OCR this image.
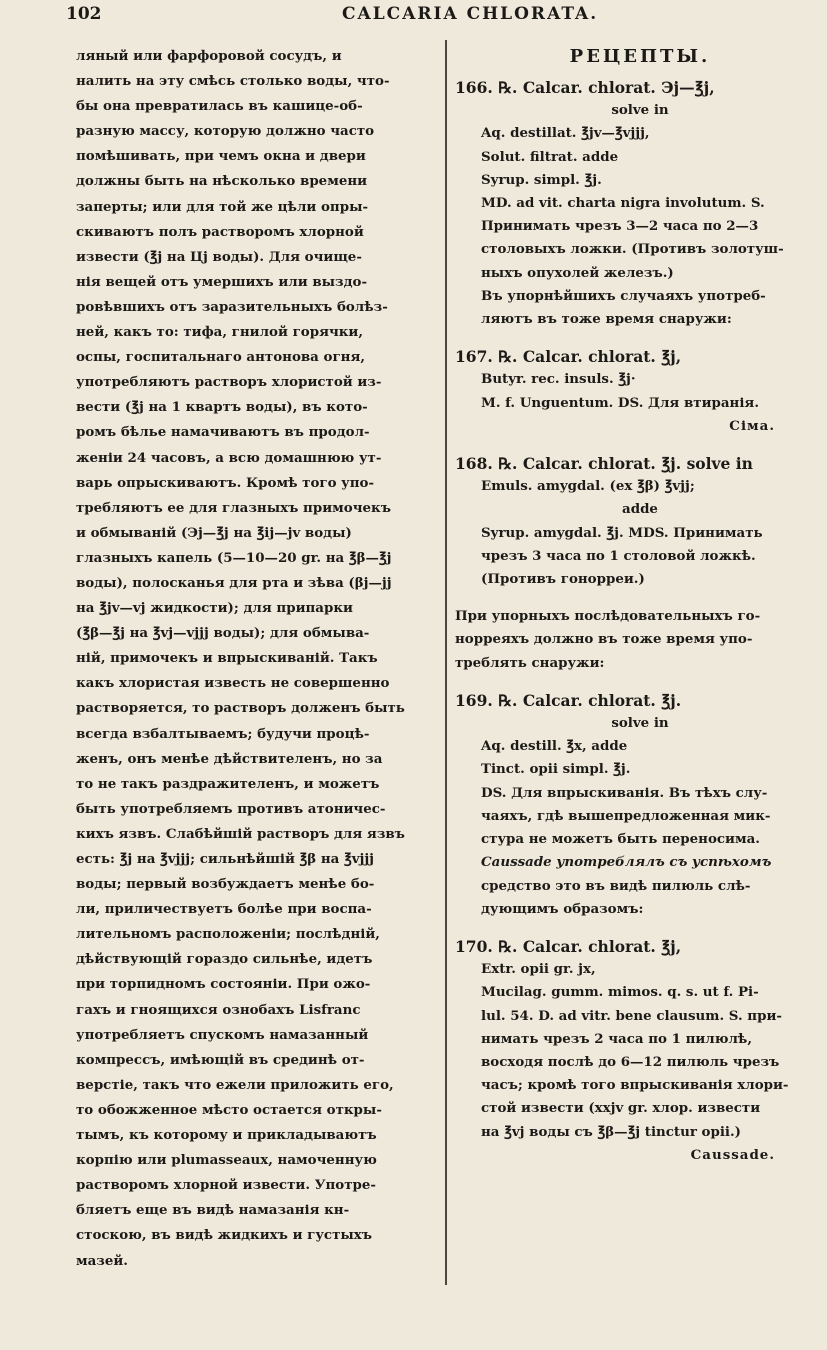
102	CALCARIA CHLORATA.
ляный или фарфоровой сосудъ, и
налить на эту смѣсь столько воды, что-
бы она превратилась въ кашице-об-
разную массу, которую должно часто
помѣшивать, при чемъ окна и двери
должны быть на нѣсколько времени
заперты; или для той же цѣли опры-
скиваютъ полъ растворомъ хлорной
извести (℥j на Цj воды). Для очище-
нія вещей отъ умершихъ или выздо-
ровѣвшихъ отъ заразительныхъ болѣз-
ней, какъ то: тифа, гнилой горячки,
оспы, госпитальнаго антонова огня,
употребляютъ растворъ хлористой из-
вести (℥j на 1 квартъ воды), въ кото-
ромъ бѣлье намачиваютъ въ продол-
женіи 24 часовъ, а всю домашнюю ут-
варь опрыскиваютъ. Кромѣ того упо-
требляютъ ее для глазныхъ примочекъ
и обмываній (Эj—℥j на ℥ij—jv воды)
глазныхъ капель (5—10—20 gr. на ℥β—℥j
воды), полосканья для рта и зѣва (βj—jj
на ℥jv—vj жидкости); для припарки
(℥β—℥j на ℥vj—vjjj воды); для обмыва-
ній, примочекъ и впрыскиваній. Такъ
какъ хлористая известь не совершенно
растворяется, то растворъ долженъ быть
всегда взбалтываемъ; будучи процѣ-
женъ, онъ менѣе дѣйствителенъ, но за
то не такъ раздражителенъ, и можетъ
быть употребляемъ противъ атоничес-
кихъ язвъ. Слабѣйшій растворъ для язвъ
есть: ℥j на ℥vjjj; сильнѣйшій ℥β на ℥vjjj
воды; первый возбуждаетъ менѣе бо-
ли, приличествуетъ болѣе при воспа-
лительномъ расположеніи; послѣдній,
дѣйствующій гораздо сильнѣе, идетъ
при торпидномъ состояніи. При ожо-
гахъ и гноящихся ознобахъ Lisfranc
употребляетъ спускомъ намазанный
компрессъ, имѣющій въ срединѣ от-
верстіе, такъ что ежели приложить его,
то обожженное мѣсто остается откры-
тымъ, къ которому и прикладываютъ
корпію или plumasseaux, намоченную
растворомъ хлорной извести. Употре-
бляетъ еще въ видѣ намазанія кн-
стоскою, въ видѣ жидкихъ и густыхъ
мазей.
РЕЦЕПТЫ.
166. ℞. Calcar. chlorat. Эj—℥j,
solve in
Aq. destillat. ℥jv—℥vjjj,
Solut. filtrat. adde
Syrup. simpl. ℥j.
MD. ad vit. charta nigra involutum. S.
Принимать чрезъ 3—2 часа по 2—3
столовыхъ ложки. (Противъ золотуш-
ныхъ опухолей железъ.)
Въ упорнѣйшихъ случаяхъ употреб-
ляютъ въ тоже время снаружи:
167. ℞. Calcar. chlorat. ℥j,
Butyr. rec. insuls. ℥j·
M. f. Unguentum. DS. Для втиранія.
Сіма.
168. ℞. Calcar. chlorat. ℥j. solve in
Emuls. amygdal. (ex ℥β) ℥vjj;
adde
Syrup. amygdal. ℥j. MDS. Принимать
чрезъ 3 часа по 1 столовой ложкѣ.
(Противъ гонорреи.)
При упорныхъ послѣдовательныхъ го-
норреяхъ должно въ тоже время упо-
треблять снаружи:
169. ℞. Calcar. chlorat. ℥j.
solve in
Aq. destill. ℥x, adde
Tinct. opii simpl. ℥j.
DS. Для впрыскиванія. Въ тѣхъ слу-
чаяхъ, гдѣ вышепредложенная мик-
стура не можетъ быть переносима.
Caussade употреблялъ съ успѣхомъ
средство это въ видѣ пилюль слѣ-
дующимъ образомъ:
170. ℞. Calcar. chlorat. ℥j,
Extr. opii gr. jx,
Mucilag. gumm. mimos. q. s. ut f. Pi-
lul. 54. D. ad vitr. bene clausum. S. при-
нимать чрезъ 2 часа по 1 пилюлѣ,
восходя послѣ до 6—12 пилюль чрезъ
часъ; кромѣ того впрыскиванія хлори-
стой извести (xxjv gr. хлор. извести
на ℥vj воды съ ℥β—℥j tinctur opii.)
Caussade.
